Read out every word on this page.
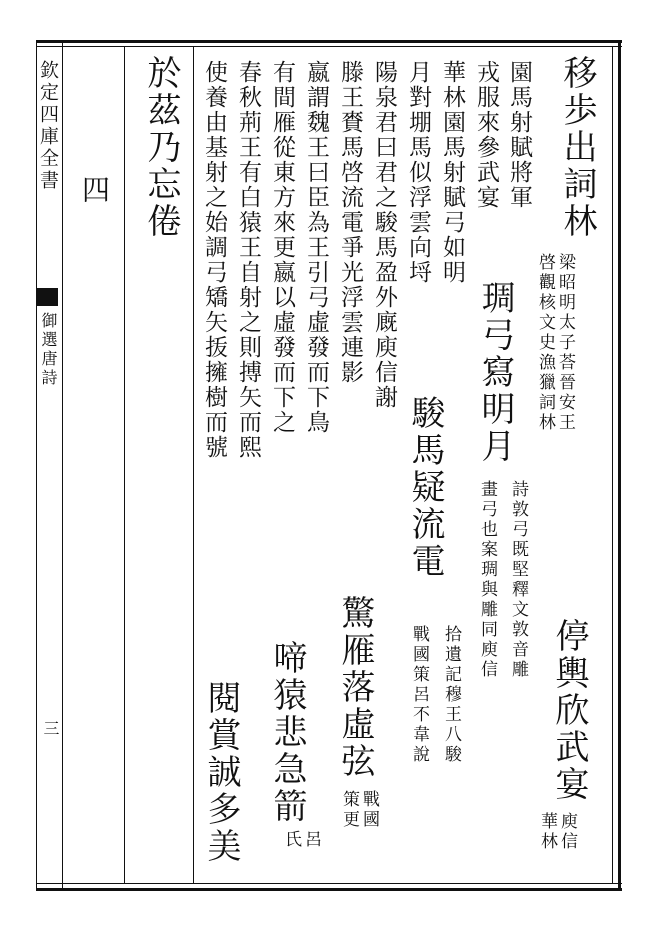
欽定四庫全書
御選唐詩
三
四	移歩出詞林
梁昭明太子荅晉安王
啓觀核文史漁獵詞林
停輿欣武宴
庾信
華林
園馬射賦將軍
詩敦弓既堅釋文敦音雕
戎服來參武宴
琱弓寫明月
畫弓也案琱與雕同庾信
華林園馬射賦弓如明
拾遺記穆王八駿
月對堋馬似浮雲向埒
駿馬疑流電
戰國策呂不韋說
陽泉君曰君之駿馬盈外廐庾信謝
滕王賚馬啓流電爭光浮雲連影
驚雁落虛弦
戰國
策更
嬴謂魏王曰臣為王引弓虛發而下鳥
有間雁從東方來更嬴以虛發而下之
啼猿悲急箭
呂
氏
春秋荊王有白猿王自射之則搏矢而熙
使養由基射之始調弓矯矢㧞擁樹而號
閱賞誠多美
於茲乃忘倦
